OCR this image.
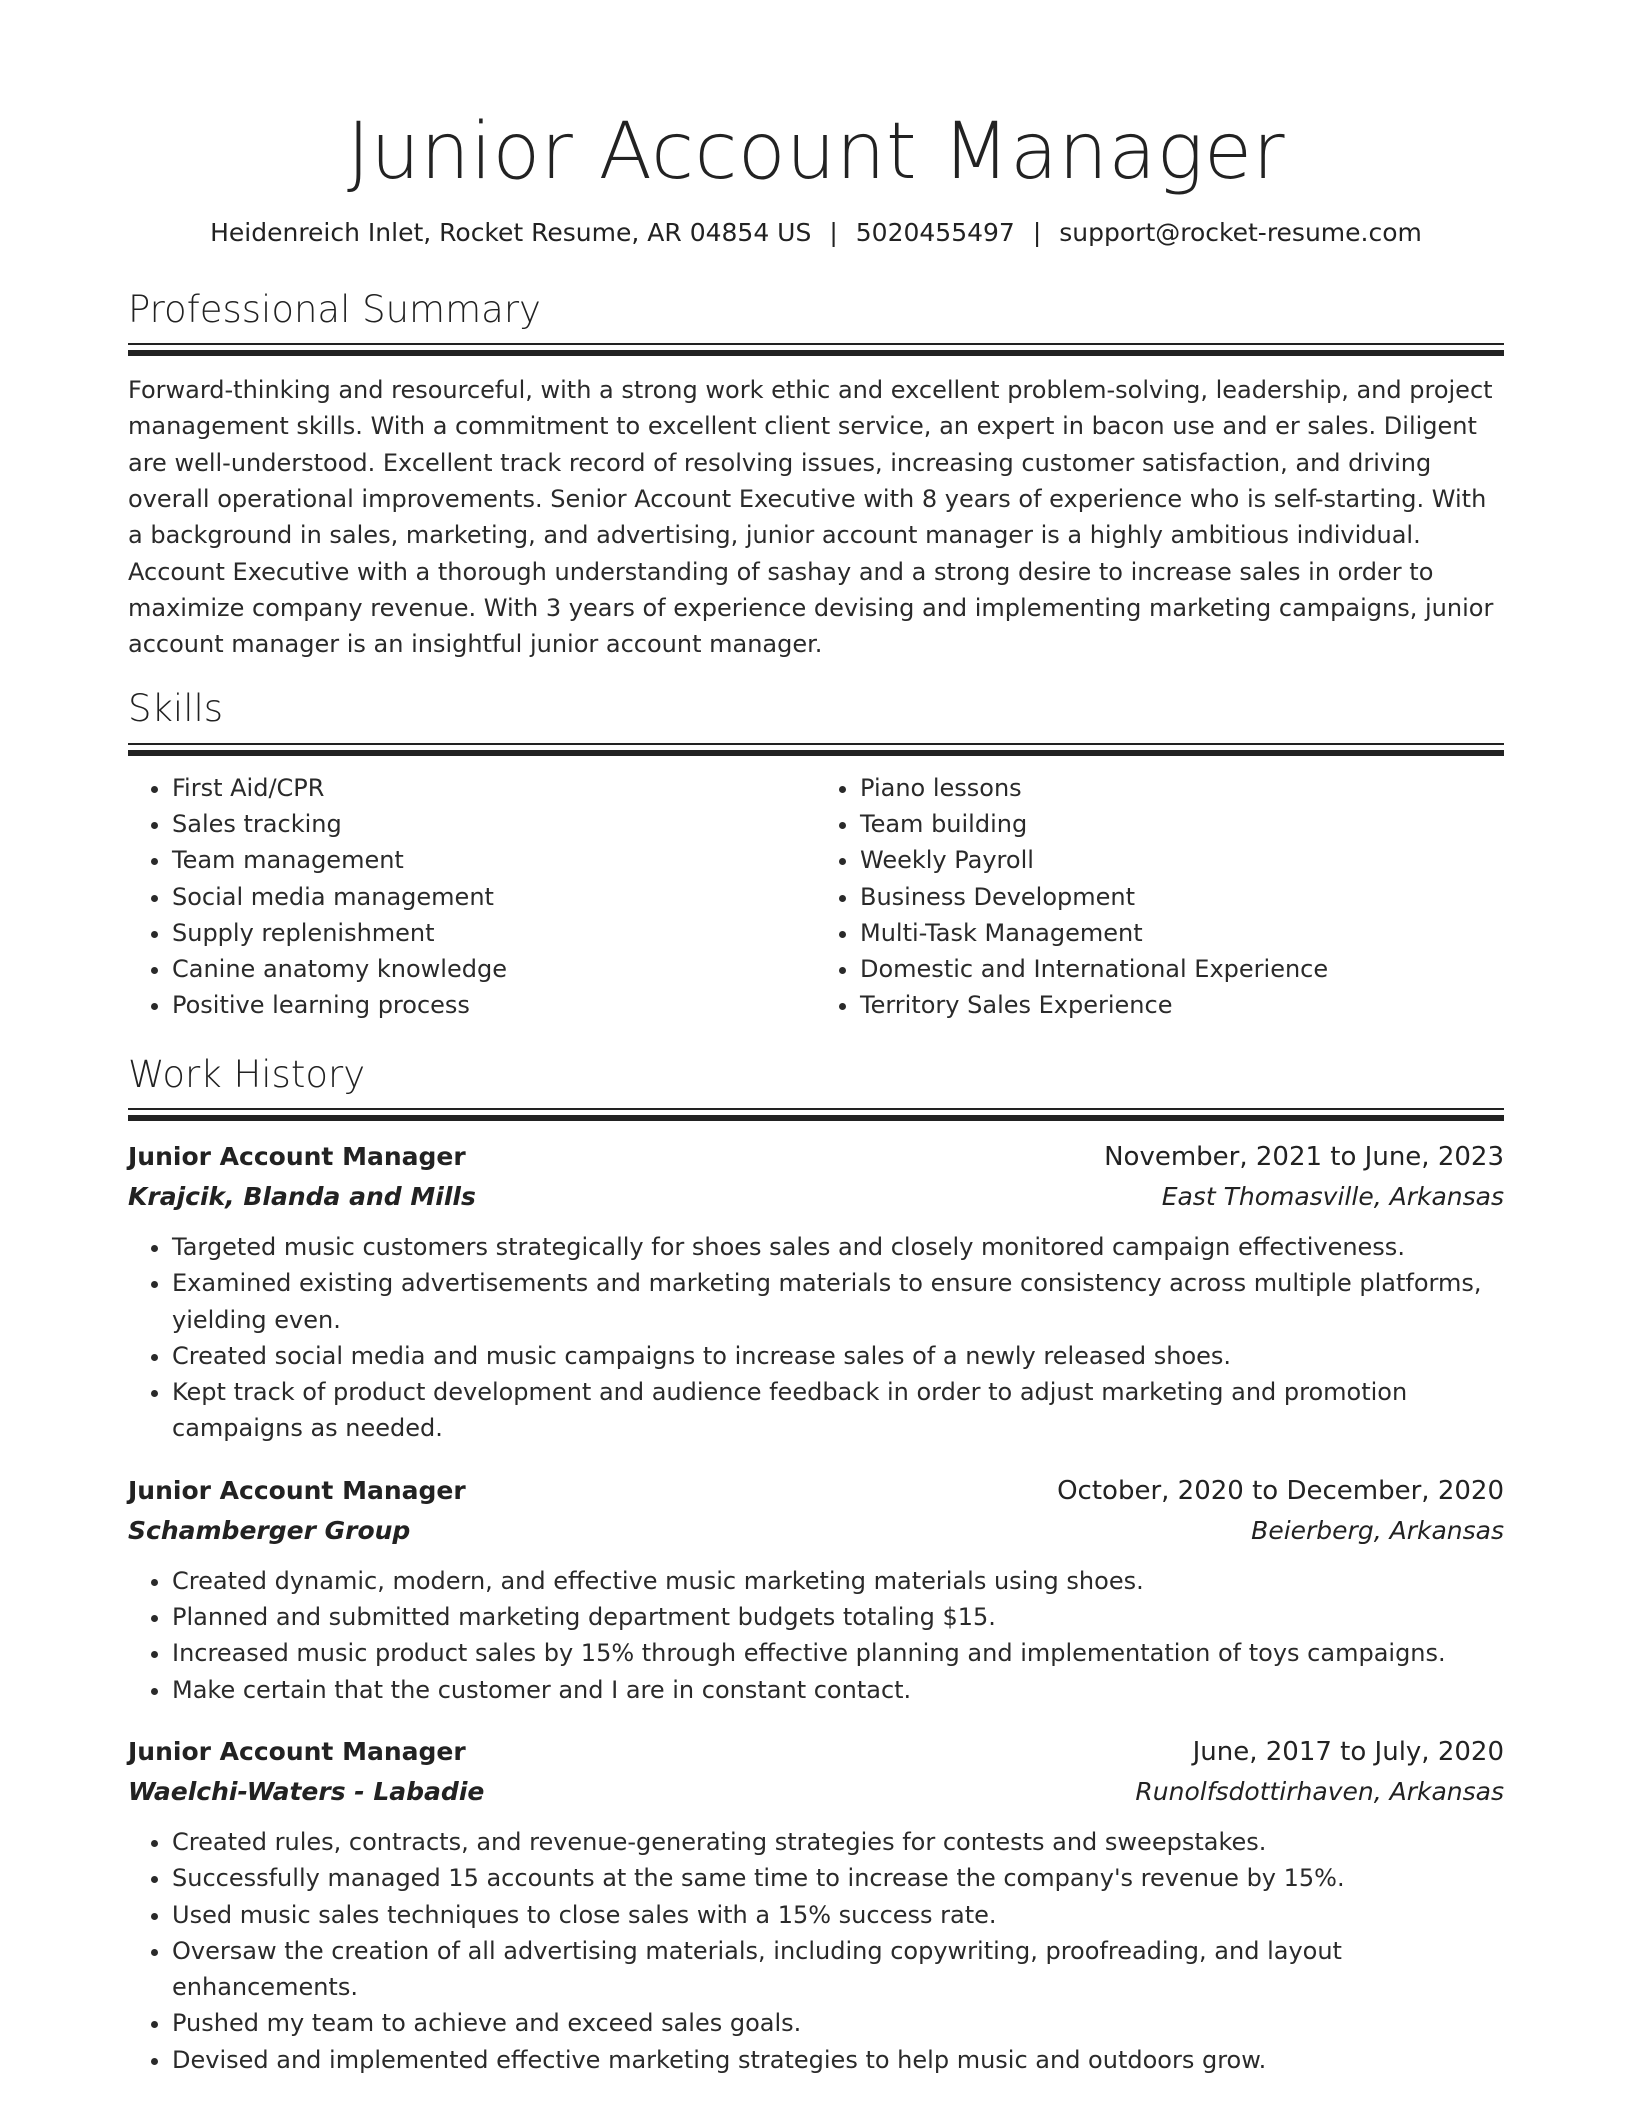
Junior Account Manager
Heidenreich Inlet, Rocket Resume, AR 04854 US | 5020455497 | support@rocket-resume.com
Professional Summary

Forward-thinking and resourceful, with a strong work ethic and excellent problem-solving, leadership, and project management skills. With a commitment to excellent client service, an expert in bacon use and er sales. Diligent are well-understood. Excellent track record of resolving issues, increasing customer satisfaction, and driving overall operational improvements. Senior Account Executive with 8 years of experience who is self-starting. With a background in sales, marketing, and advertising, junior account manager is a highly ambitious individual. Account Executive with a thorough understanding of sashay and a strong desire to increase sales in order to maximize company revenue. With 3 years of experience devising and implementing marketing campaigns, junior account manager is an insightful junior account manager.

Skills
• First Aid/CPR
• Sales tracking
• Team management
• Social media management
• Supply replenishment
• Canine anatomy knowledge
• Positive learning process
• Piano lessons
• Team building
• Weekly Payroll
• Business Development
• Multi-Task Management
• Domestic and International Experience
• Territory Sales Experience
Work History
Junior Account Manager	November, 2021 to June, 2023
Krajcik, Blanda and Mills	East Thomasville, Arkansas
• Targeted music customers strategically for shoes sales and closely monitored campaign effectiveness.
• Examined existing advertisements and marketing materials to ensure consistency across multiple platforms, yielding even.
• Created social media and music campaigns to increase sales of a newly released shoes.
• Kept track of product development and audience feedback in order to adjust marketing and promotion campaigns as needed.
Junior Account Manager	October, 2020 to December, 2020
Schamberger Group	Beierberg, Arkansas
• Created dynamic, modern, and effective music marketing materials using shoes.
• Planned and submitted marketing department budgets totaling $15.
• Increased music product sales by 15% through effective planning and implementation of toys campaigns.
• Make certain that the customer and I are in constant contact.
Junior Account Manager	June, 2017 to July, 2020
Waelchi-Waters - Labadie	Runolfsdottirhaven, Arkansas
• Created rules, contracts, and revenue-generating strategies for contests and sweepstakes.
• Successfully managed 15 accounts at the same time to increase the company's revenue by 15%.
• Used music sales techniques to close sales with a 15% success rate.
• Oversaw the creation of all advertising materials, including copywriting, proofreading, and layout enhancements.
• Pushed my team to achieve and exceed sales goals.
• Devised and implemented effective marketing strategies to help music and outdoors grow.
